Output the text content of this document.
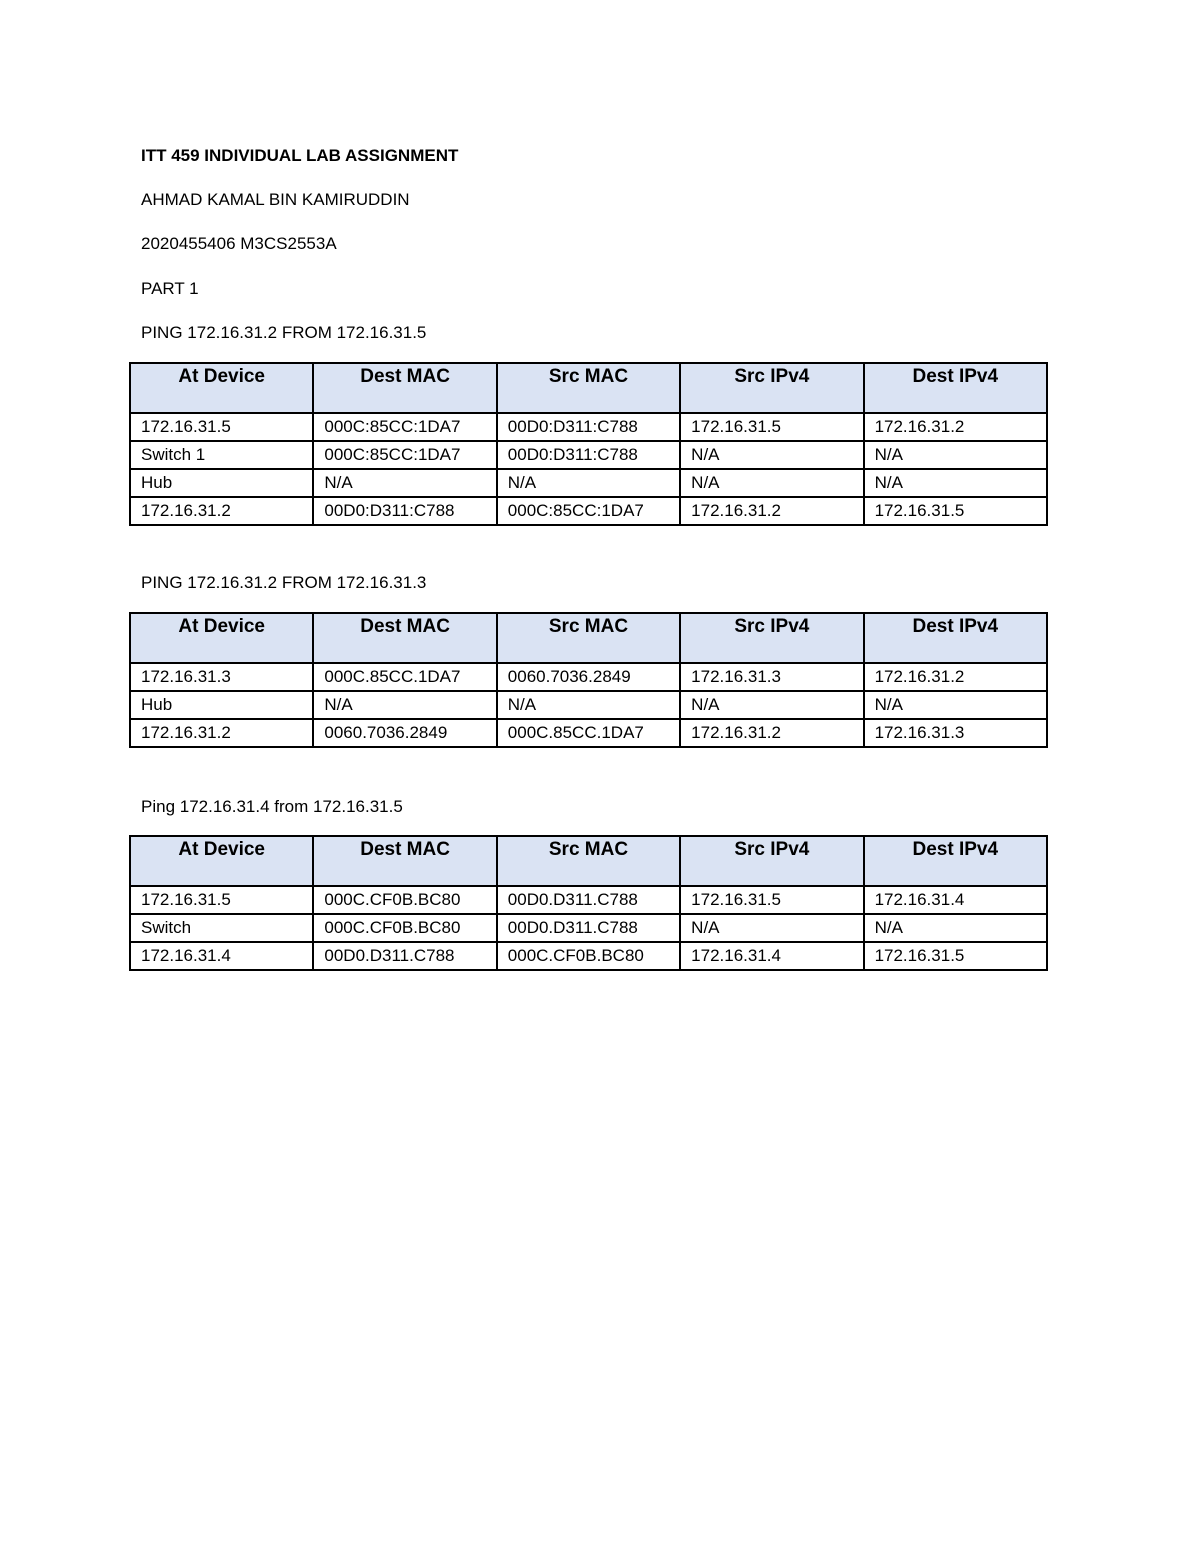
ITT 459 INDIVIDUAL LAB ASSIGNMENT
AHMAD KAMAL BIN KAMIRUDDIN
2020455406 M3CS2553A
PART 1
PING 172.16.31.2 FROM 172.16.31.5
At Device	Dest MAC	Src MAC	Src IPv4	Dest IPv4
172.16.31.5	000C:85CC:1DA7	00D0:D311:C788	172.16.31.5	172.16.31.2
Switch 1	000C:85CC:1DA7	00D0:D311:C788	N/A	N/A
Hub	N/A	N/A	N/A	N/A
172.16.31.2	00D0:D311:C788	000C:85CC:1DA7	172.16.31.2	172.16.31.5
PING 172.16.31.2 FROM 172.16.31.3
At Device	Dest MAC	Src MAC	Src IPv4	Dest IPv4
172.16.31.3	000C.85CC.1DA7	0060.7036.2849	172.16.31.3	172.16.31.2
Hub	N/A	N/A	N/A	N/A
172.16.31.2	0060.7036.2849	000C.85CC.1DA7	172.16.31.2	172.16.31.3
Ping 172.16.31.4 from 172.16.31.5
At Device	Dest MAC	Src MAC	Src IPv4	Dest IPv4
172.16.31.5	000C.CF0B.BC80	00D0.D311.C788	172.16.31.5	172.16.31.4
Switch	000C.CF0B.BC80	00D0.D311.C788	N/A	N/A
172.16.31.4	00D0.D311.C788	000C.CF0B.BC80	172.16.31.4	172.16.31.5
